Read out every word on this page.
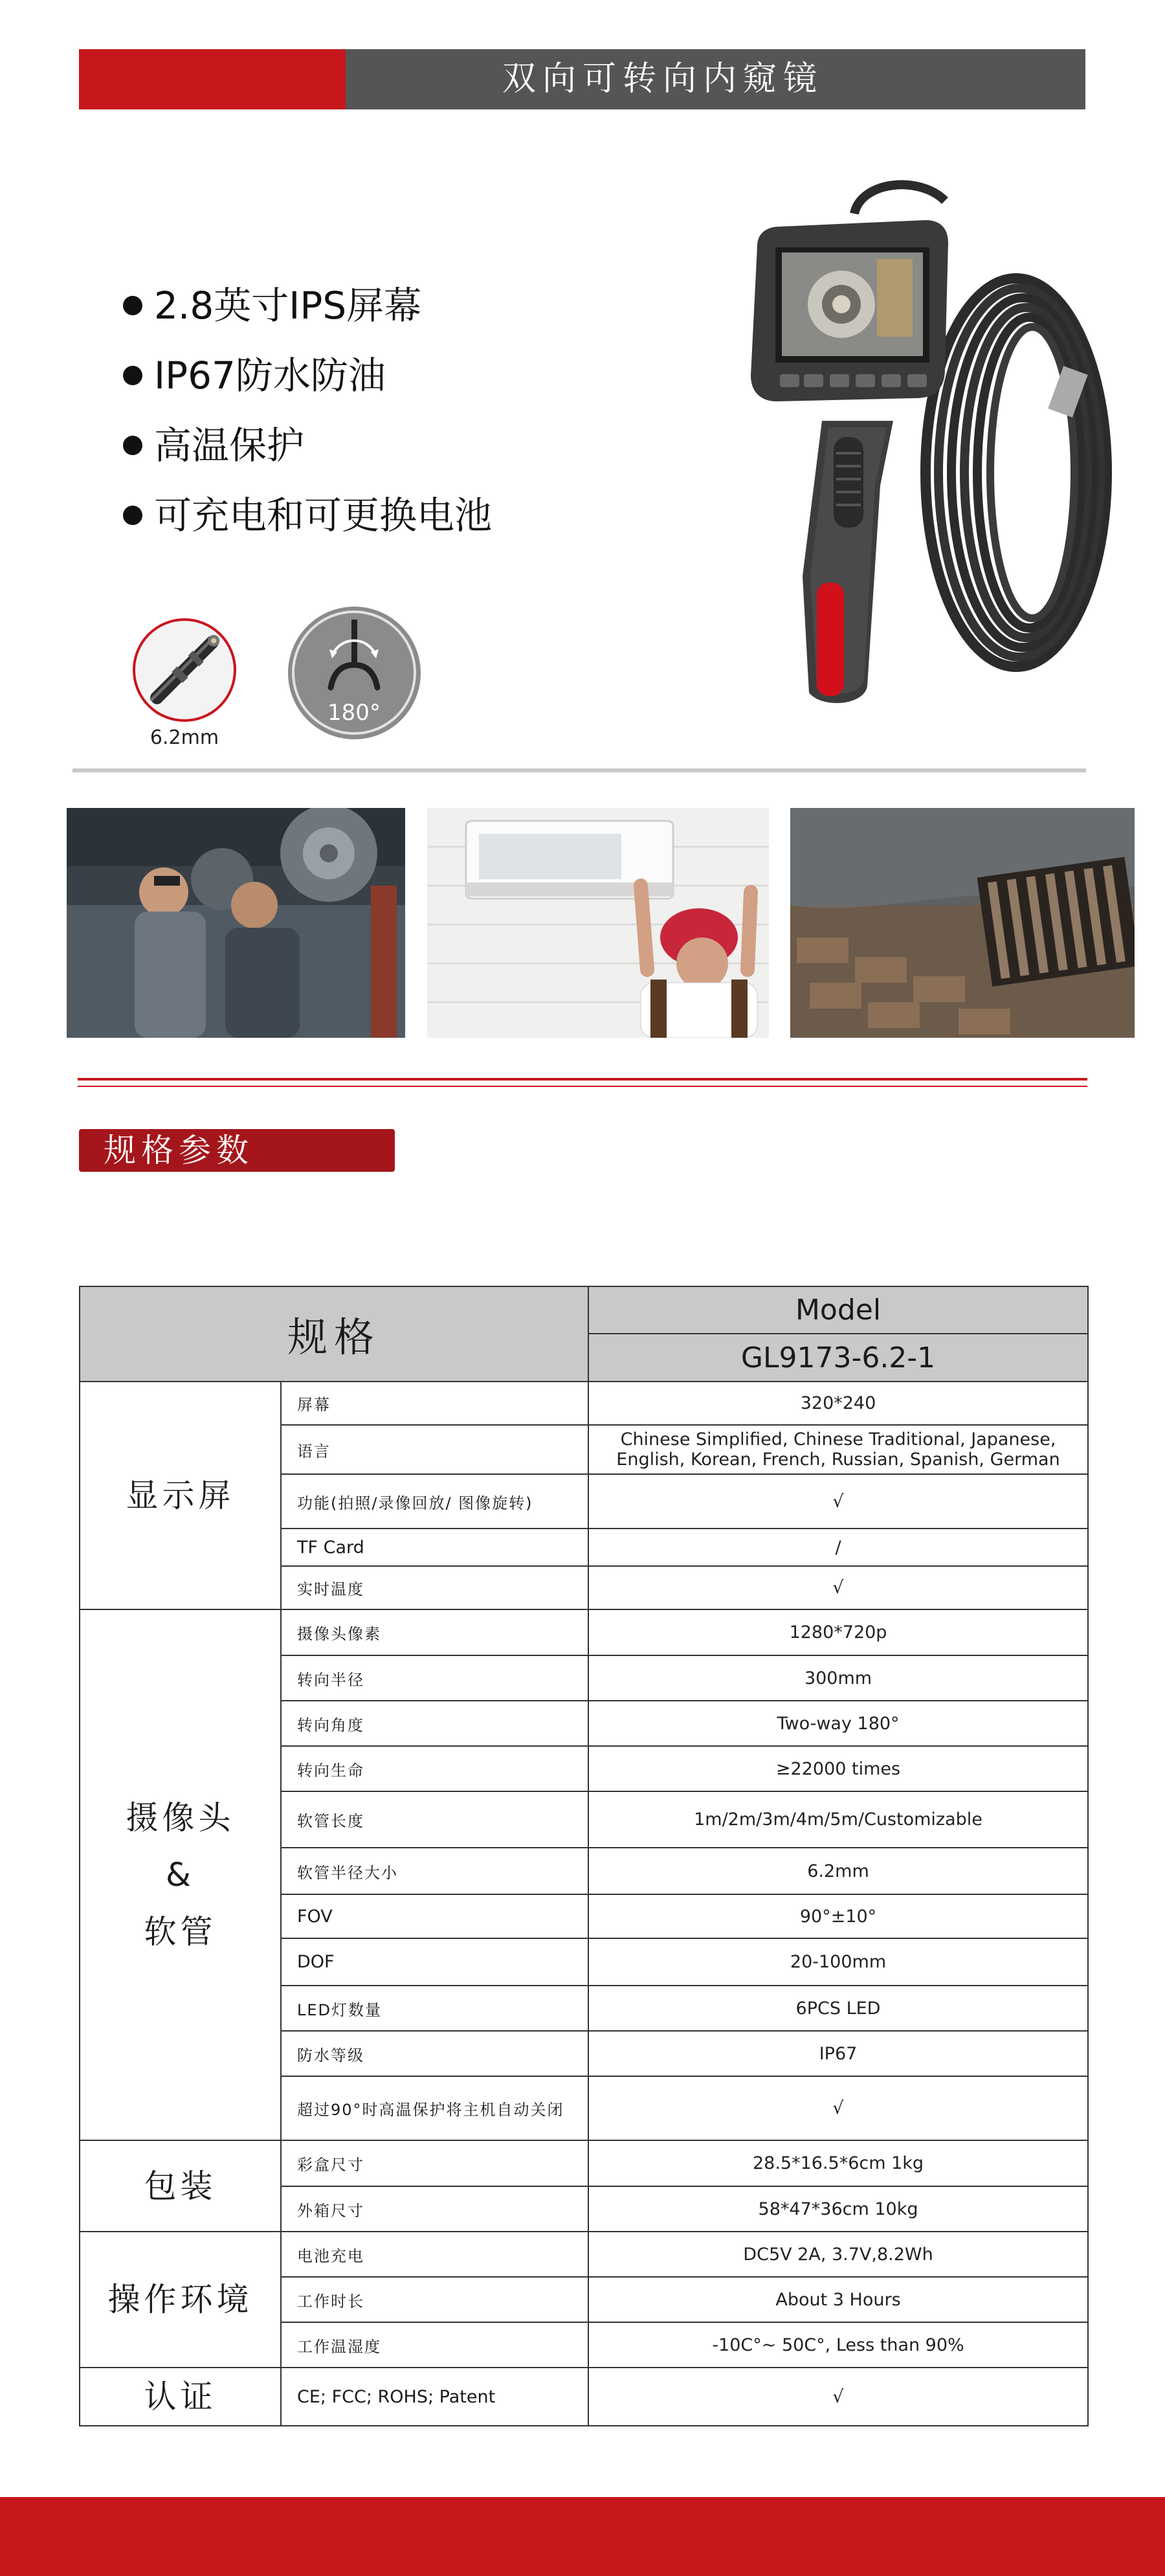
双向可转向内窥镜
2.8英寸IPS屏幕
IP67防水防油
高温保护
可充电和可更换电池
6.2mm
180°
规格参数
规格		Model
		GL9173-6.2-1
显示屏	屏幕	320*240
	语言	Chinese Simplified, Chinese Traditional, Japanese,
English, Korean, French, Russian, Spanish, German

	功能(拍照/录像回放/ 图像旋转)	√
	TF Card	/
	实时温度	√

摄像头
&
软管	摄像头像素	1280*720p
	转向半径	300mm
	转向角度	Two-way 180°
	转向生命	≥22000 times
	软管长度	1m/2m/3m/4m/5m/Customizable
	软管半径大小	6.2mm
	FOV	90°±10°
	DOF	20-100mm
	LED灯数量	6PCS LED
	防水等级	IP67
	超过90°时高温保护将主机自动关闭	√
包装	彩盒尺寸	28.5*16.5*6cm 1kg
	外箱尺寸	58*47*36cm 10kg
操作环境	电池充电	DC5V 2A, 3.7V,8.2Wh
	工作时长	About 3 Hours
	工作温湿度	-10C°~ 50C°, Less than 90%
认证	CE; FCC; ROHS; Patent	√
